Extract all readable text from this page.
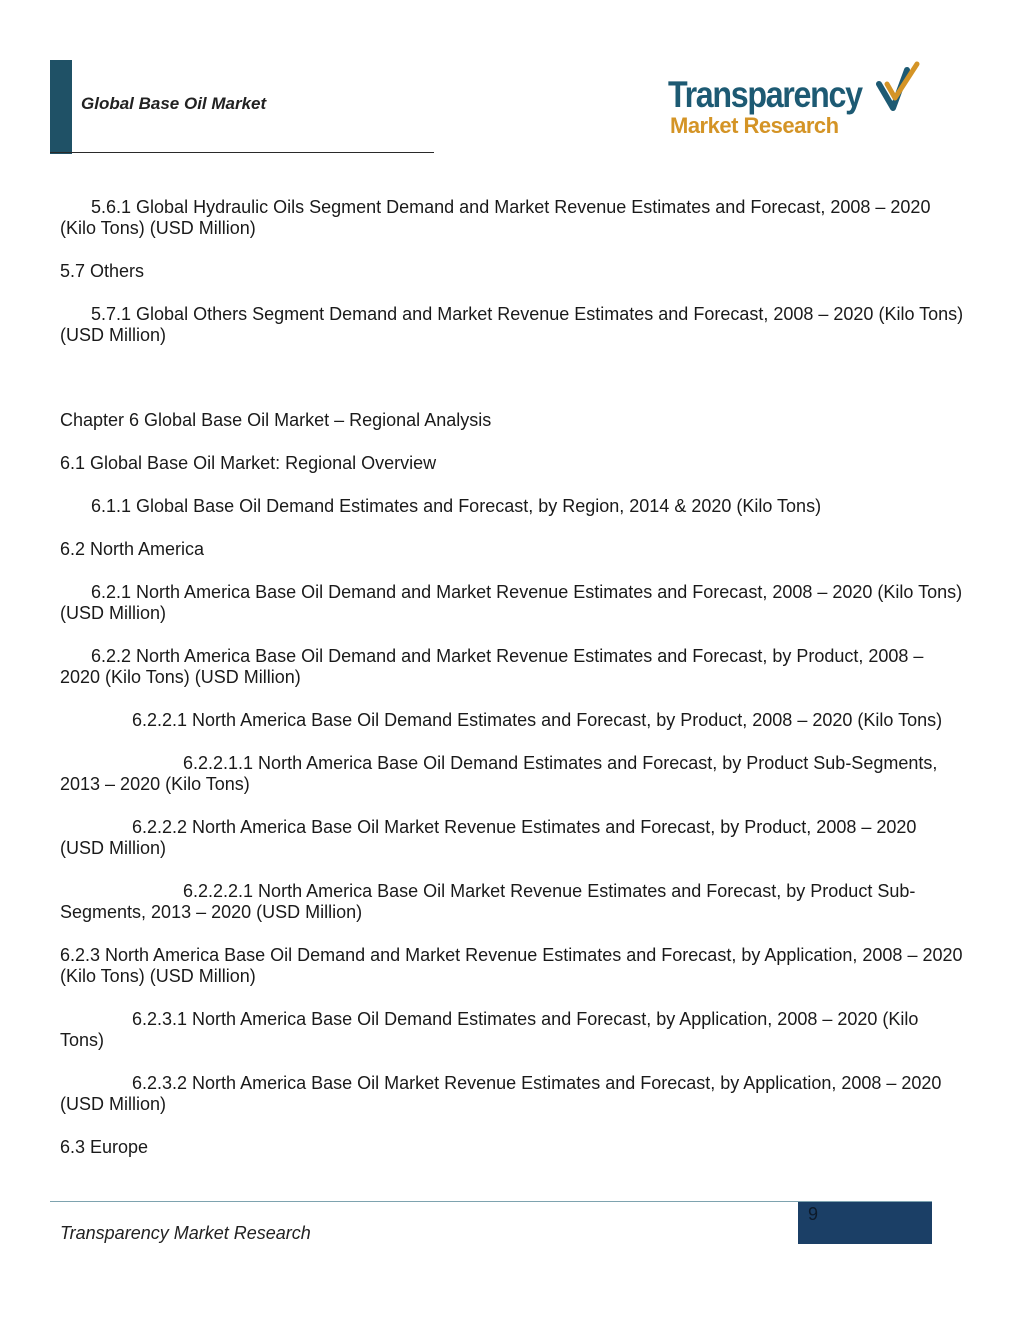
Global Base Oil Market	Transparency
Market Research

5.6.1 Global Hydraulic Oils Segment Demand and Market Revenue Estimates and Forecast, 2008 – 2020 (Kilo Tons) (USD Million)

5.7 Others

5.7.1 Global Others Segment Demand and Market Revenue Estimates and Forecast, 2008 – 2020 (Kilo Tons) (USD Million)

Chapter 6 Global Base Oil Market – Regional Analysis

6.1 Global Base Oil Market: Regional Overview

6.1.1 Global Base Oil Demand Estimates and Forecast, by Region, 2014 & 2020 (Kilo Tons)

6.2 North America

6.2.1 North America Base Oil Demand and Market Revenue Estimates and Forecast, 2008 – 2020 (Kilo Tons) (USD Million)

6.2.2 North America Base Oil Demand and Market Revenue Estimates and Forecast, by Product, 2008 – 2020 (Kilo Tons) (USD Million)

6.2.2.1 North America Base Oil Demand Estimates and Forecast, by Product, 2008 – 2020 (Kilo Tons)

6.2.2.1.1 North America Base Oil Demand Estimates and Forecast, by Product Sub-Segments, 2013 – 2020 (Kilo Tons)

6.2.2.2 North America Base Oil Market Revenue Estimates and Forecast, by Product, 2008 – 2020 (USD Million)

6.2.2.2.1 North America Base Oil Market Revenue Estimates and Forecast, by Product Sub-Segments, 2013 – 2020 (USD Million)

6.2.3 North America Base Oil Demand and Market Revenue Estimates and Forecast, by Application, 2008 – 2020 (Kilo Tons) (USD Million)

6.2.3.1 North America Base Oil Demand Estimates and Forecast, by Application, 2008 – 2020 (Kilo Tons)

6.2.3.2 North America Base Oil Market Revenue Estimates and Forecast, by Application, 2008 – 2020 (USD Million)

6.3 Europe

9
Transparency Market Research
